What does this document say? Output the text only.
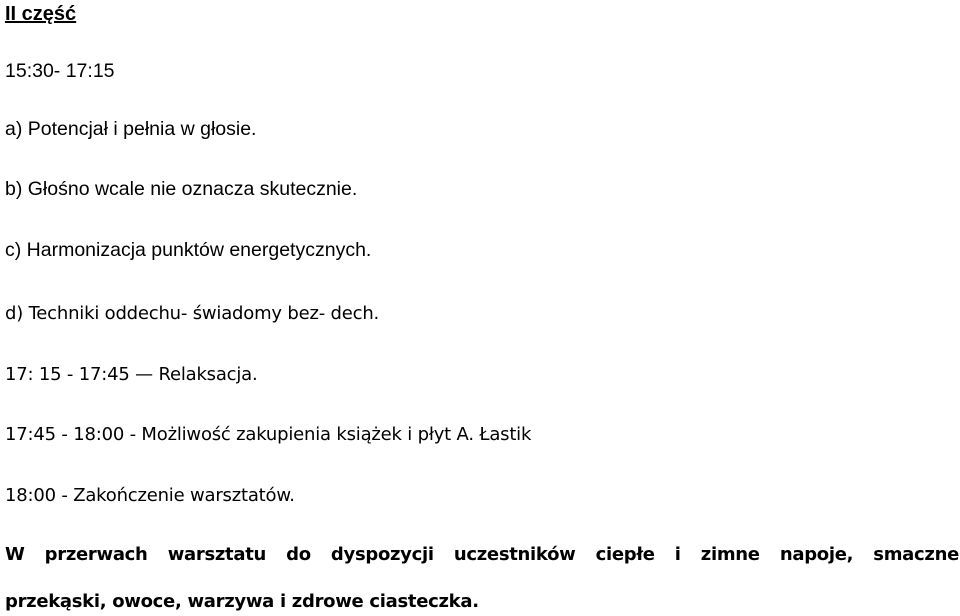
II część
15:30- 17:15
a) Potencjał i pełnia w głosie.
b) Głośno wcale nie oznacza skutecznie.
c) Harmonizacja punktów energetycznych.
d) Techniki oddechu- świadomy bez- dech.
17: 15 - 17:45 — Relaksacja.
17:45 - 18:00 - Możliwość zakupienia książek i płyt A. Łastik
18:00 - Zakończenie warsztatów.
W przerwach warsztatu do dyspozycji uczestników ciepłe i zimne napoje, smaczne
przekąski, owoce, warzywa i zdrowe ciasteczka.
